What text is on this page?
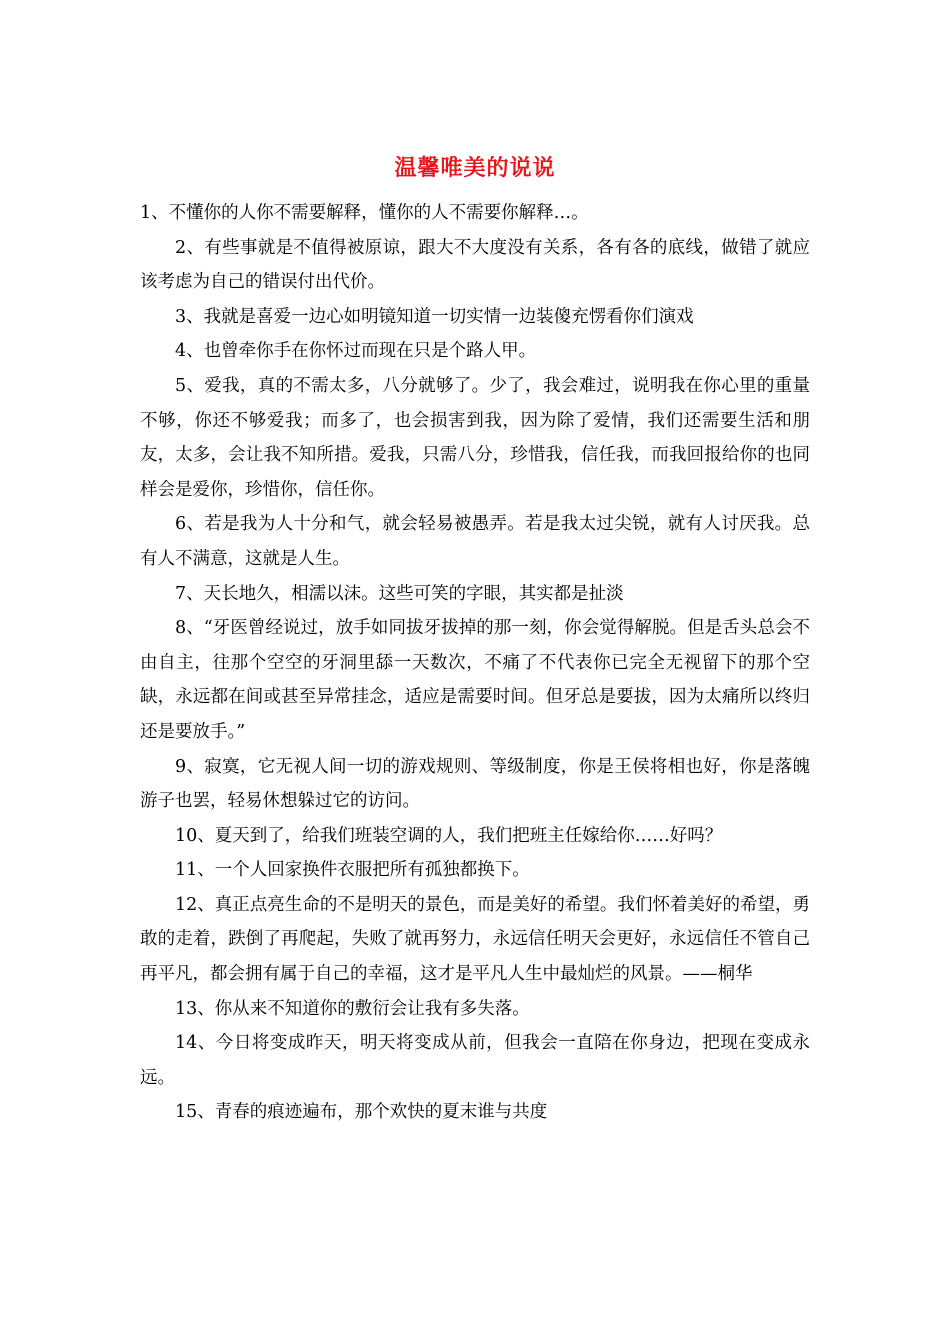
温馨唯美的说说

1、不懂你的人你不需要解释，懂你的人不需要你解释…。

2、有些事就是不值得被原谅，跟大不大度没有关系，各有各的底线，做错了就应该考虑为自己的错误付出代价。

3、我就是喜爱一边心如明镜知道一切实情一边装傻充愣看你们演戏

4、也曾牵你手在你怀过而现在只是个路人甲。

5、爱我，真的不需太多，八分就够了。少了，我会难过，说明我在你心里的重量不够，你还不够爱我；而多了，也会损害到我，因为除了爱情，我们还需要生活和朋友，太多，会让我不知所措。爱我，只需八分，珍惜我，信任我，而我回报给你的也同样会是爱你，珍惜你，信任你。

6、若是我为人十分和气，就会轻易被愚弄。若是我太过尖锐，就有人讨厌我。总有人不满意，这就是人生。

7、天长地久，相濡以沫。这些可笑的字眼，其实都是扯淡

8、“牙医曾经说过，放手如同拔牙拔掉的那一刻，你会觉得解脱。但是舌头总会不由自主，往那个空空的牙洞里舔一天数次，不痛了不代表你已完全无视留下的那个空缺，永远都在间或甚至异常挂念，适应是需要时间。但牙总是要拔，因为太痛所以终归还是要放手。”

9、寂寞，它无视人间一切的游戏规则、等级制度，你是王侯将相也好，你是落魄游子也罢，轻易休想躲过它的访问。

10、夏天到了，给我们班装空调的人，我们把班主任嫁给你……好吗？

11、一个人回家换件衣服把所有孤独都换下。

12、真正点亮生命的不是明天的景色，而是美好的希望。我们怀着美好的希望，勇敢的走着，跌倒了再爬起，失败了就再努力，永远信任明天会更好，永远信任不管自己再平凡，都会拥有属于自己的幸福，这才是平凡人生中最灿烂的风景。——桐华

13、你从来不知道你的敷衍会让我有多失落。

14、今日将变成昨天，明天将变成从前，但我会一直陪在你身边，把现在变成永远。

15、青春的痕迹遍布，那个欢快的夏末谁与共度
